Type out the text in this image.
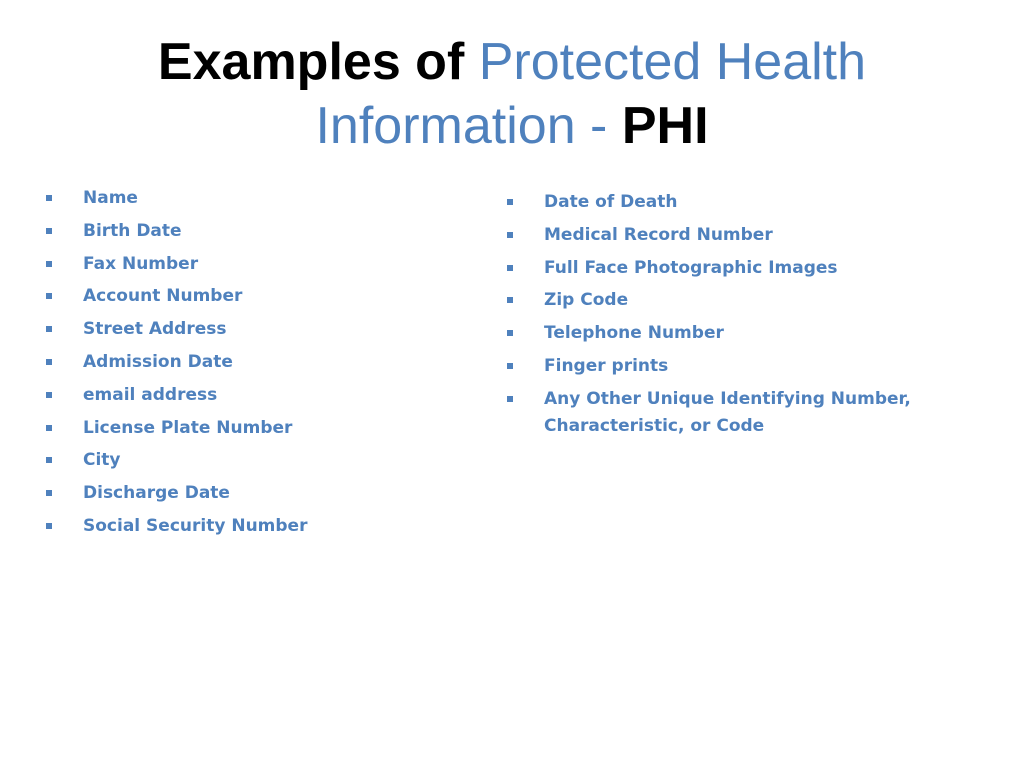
Examples of Protected Health
Information - PHI
Name
Birth Date
Fax Number
Account Number
Street Address
Admission Date
email address
License Plate Number
City
Discharge Date
Social Security Number
Date of Death
Medical Record Number
Full Face Photographic Images
Zip Code
Telephone Number
Finger prints
Any Other Unique Identifying Number, Characteristic, or Code
